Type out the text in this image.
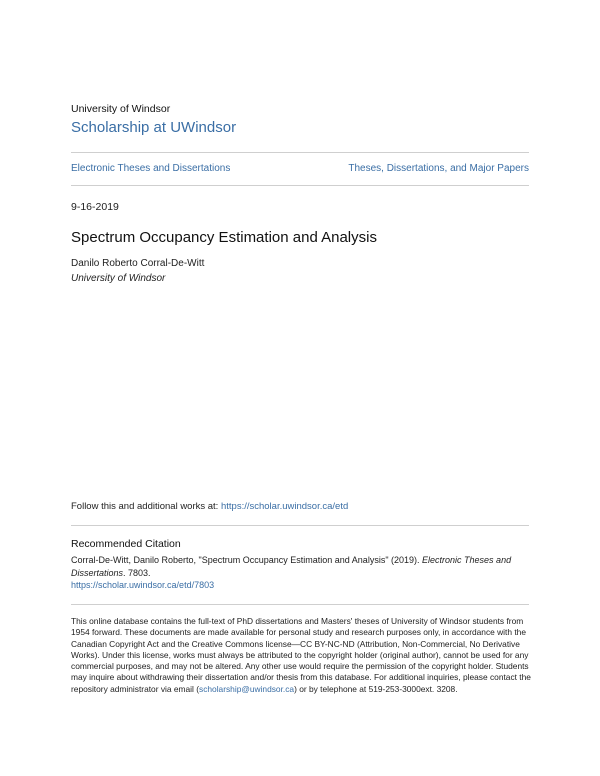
University of Windsor
Scholarship at UWindsor
Electronic Theses and Dissertations	Theses, Dissertations, and Major Papers
9-16-2019
Spectrum Occupancy Estimation and Analysis
Danilo Roberto Corral-De-Witt
University of Windsor
Follow this and additional works at: https://scholar.uwindsor.ca/etd
Recommended Citation
Corral-De-Witt, Danilo Roberto, "Spectrum Occupancy Estimation and Analysis" (2019). Electronic Theses and Dissertations. 7803.
https://scholar.uwindsor.ca/etd/7803
This online database contains the full-text of PhD dissertations and Masters' theses of University of Windsor students from 1954 forward. These documents are made available for personal study and research purposes only, in accordance with the Canadian Copyright Act and the Creative Commons license—CC BY-NC-ND (Attribution, Non-Commercial, No Derivative Works). Under this license, works must always be attributed to the copyright holder (original author), cannot be used for any commercial purposes, and may not be altered. Any other use would require the permission of the copyright holder. Students may inquire about withdrawing their dissertation and/or thesis from this database. For additional inquiries, please contact the repository administrator via email (scholarship@uwindsor.ca) or by telephone at 519-253-3000ext. 3208.
